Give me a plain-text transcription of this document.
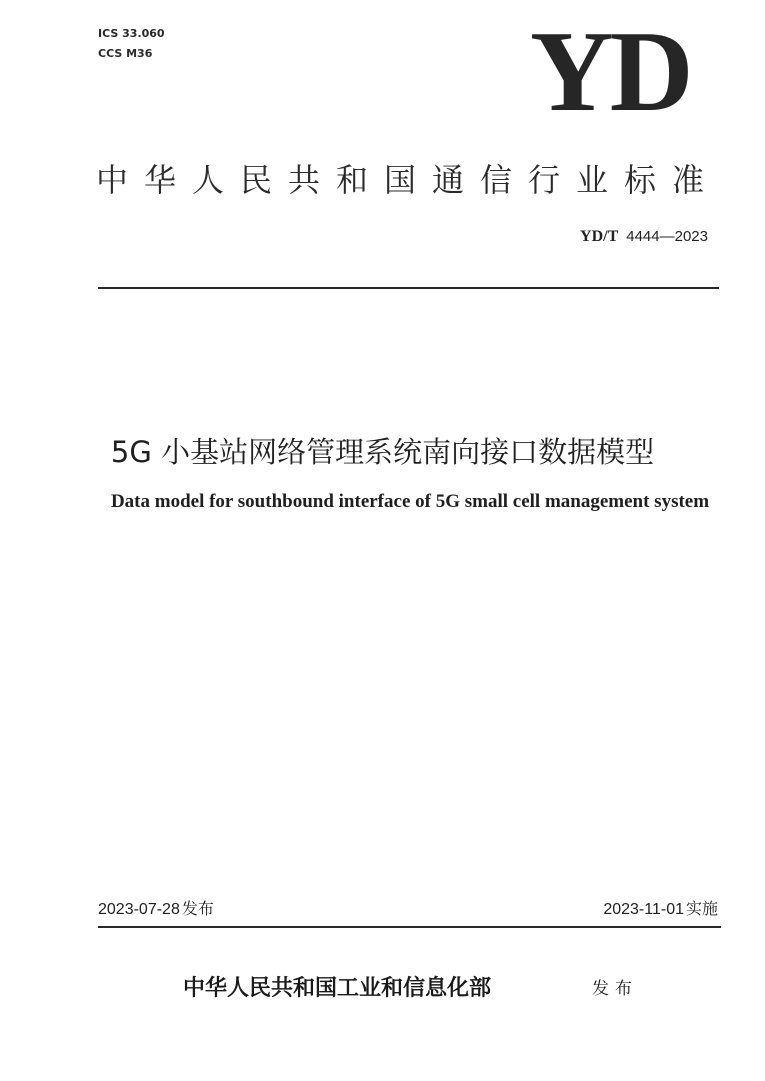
ICS 33.060
CCS M36	YD
中华人民共和国通信行业标准
YD/T 4444—2023
5G 小基站网络管理系统南向接口数据模型
Data model for southbound interface of 5G small cell management system
2023-07-28 发布	2023-11-01 实施
中华人民共和国工业和信息化部	发布
